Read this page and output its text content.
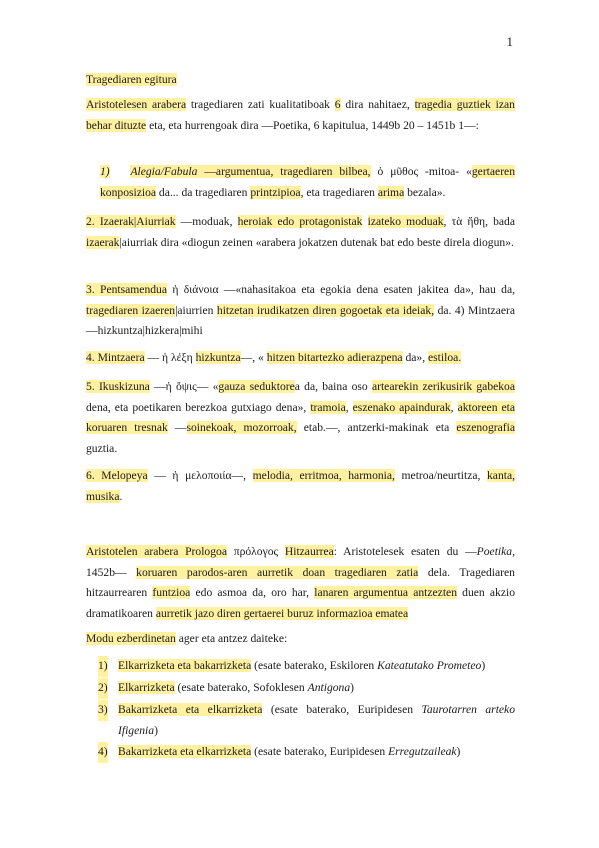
1
Tragediaren egitura
Aristotelesen arabera tragediaren zati kualitatiboak 6 dira nahitaez, tragedia guztiek izan behar dituzte eta, eta hurrengoak dira —Poetika, 6 kapitulua, 1449b 20 – 1451b 1—:
1) Alegia/Fabula —argumentua, tragediaren bilbea, ὁ μῦθος -mitoa- «gertaeren konposizioa da... da tragediaren printzipioa, eta tragediaren arima bezala».
2. Izaerak|Aiurriak —moduak, heroiak edo protagonistak izateko moduak, τὰ ἤθη, bada izaerak|aiurriak dira «diogun zeinen «arabera jokatzen dutenak bat edo beste direla diogun».
3. Pentsamendua ἡ διάνοια —«nahasitakoa eta egokia dena esaten jakitea da», hau da, tragediaren izaeren|aiurrien hitzetan irudikatzen diren gogoetak eta ideiak, da. 4) Mintzaera —hizkuntza|hizkera|mihi
4. Mintzaera — ἡ λέξη hizkuntza—, « hitzen bitartezko adierazpena da», estiloa.
5. Ikuskizuna —ἡ ὄψις— «gauza seduktorea da, baina oso artearekin zerikusirik gabekoa dena, eta poetikaren berezkoa gutxiago dena», tramoia, eszenako apaindurak, aktoreen eta koruaren tresnak —soinekoak, mozorroak, etab.—, antzerki-makinak eta eszenografia guztia.
6. Melopeya — ἡ μελοποιία—, melodia, erritmoa, harmonia, metroa/neurtitza, kanta, musika.
Aristotelen arabera Prologoa πρόλογος Hitzaurrea: Aristotelesek esaten du —Poetika, 1452b— koruaren parodos-aren aurretik doan tragediaren zatia dela. Tragediaren hitzaurrearen funtzioa edo asmoa da, oro har, lanaren argumentua antzezten duen akzio dramatikoaren aurretik jazo diren gertaerei buruz informazioa ematea
Modu ezberdinetan ager eta antzez daiteke:
1) Elkarrizketa eta bakarrizketa (esate baterako, Eskiloren Kateatutako Prometeo)
2) Elkarrizketa (esate baterako, Sofoklesen Antigona)
3) Bakarrizketa eta elkarrizketa (esate baterako, Euripidesen Taurotarren arteko Ifigenia)
4) Bakarrizketa eta elkarrizketa (esate baterako, Euripidesen Erregutzaileak)
